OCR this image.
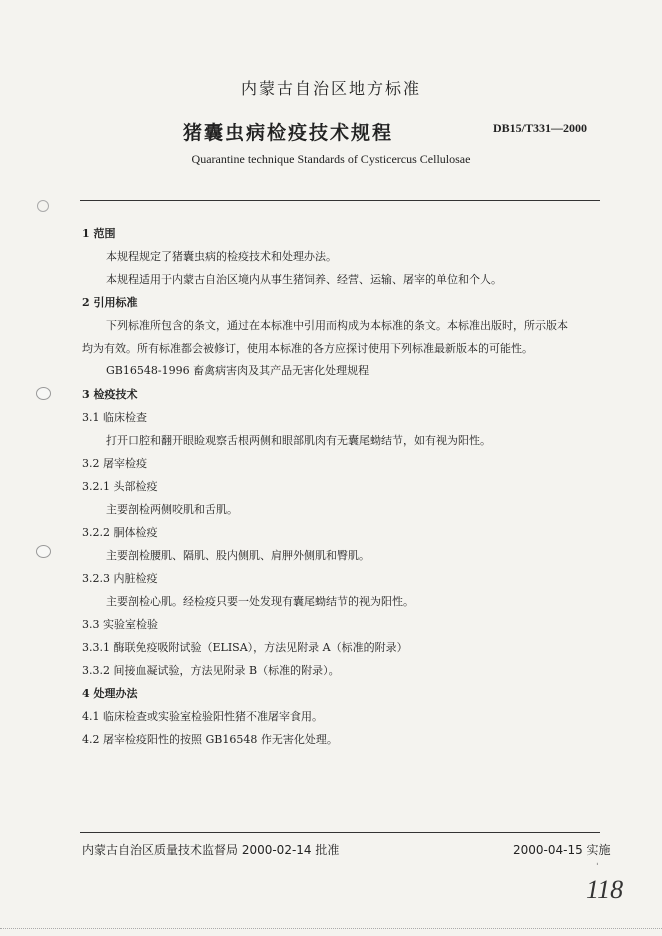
内蒙古自治区地方标准
猪囊虫病检疫技术规程	DB15/T331—2000
Quarantine technique Standards of Cysticercus Cellulosae
1 范围
本规程规定了猪囊虫病的检疫技术和处理办法。
本规程适用于内蒙古自治区境内从事生猪饲养、经营、运输、屠宰的单位和个人。
2 引用标准
下列标准所包含的条文，通过在本标准中引用而构成为本标准的条文。本标准出版时，所示版本
均为有效。所有标准都会被修订，使用本标准的各方应探讨使用下列标准最新版本的可能性。
GB16548-1996 畜禽病害肉及其产品无害化处理规程
3 检疫技术
3.1 临床检查
打开口腔和翻开眼睑观察舌根两侧和眼部肌肉有无囊尾蚴结节，如有视为阳性。
3.2 屠宰检疫
3.2.1 头部检疫
主要剖检两侧咬肌和舌肌。
3.2.2 胴体检疫
主要剖检腰肌、隔肌、股内侧肌、肩胛外侧肌和臀肌。
3.2.3 内脏检疫
主要剖检心肌。经检疫只要一处发现有囊尾蚴结节的视为阳性。
3.3 实验室检验
3.3.1 酶联免疫吸附试验（ELISA），方法见附录 A（标准的附录）
3.3.2 间接血凝试验，方法见附录 B（标准的附录）。
4 处理办法
4.1 临床检查或实验室检验阳性猪不准屠宰食用。
4.2 屠宰检疫阳性的按照 GB16548 作无害化处理。
内蒙古自治区质量技术监督局 2000-02-14 批准	2000-04-15 实施
ˈ
118
